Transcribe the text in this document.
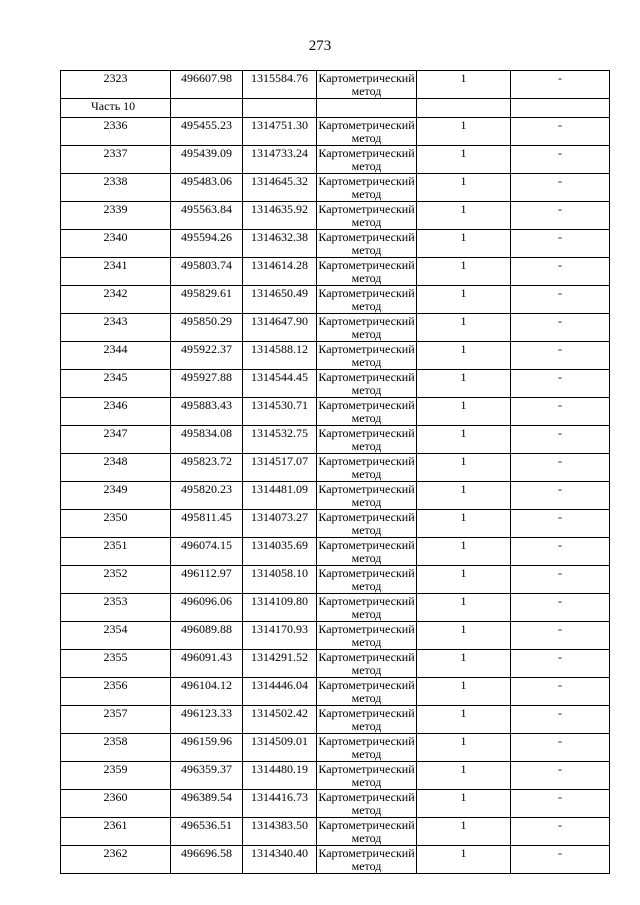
273
2323	496607.98	1315584.76	Картометрический метод	1	-
Часть 10					
2336	495455.23	1314751.30	Картометрический метод	1	-
2337	495439.09	1314733.24	Картометрический метод	1	-
2338	495483.06	1314645.32	Картометрический метод	1	-
2339	495563.84	1314635.92	Картометрический метод	1	-
2340	495594.26	1314632.38	Картометрический метод	1	-
2341	495803.74	1314614.28	Картометрический метод	1	-
2342	495829.61	1314650.49	Картометрический метод	1	-
2343	495850.29	1314647.90	Картометрический метод	1	-
2344	495922.37	1314588.12	Картометрический метод	1	-
2345	495927.88	1314544.45	Картометрический метод	1	-
2346	495883.43	1314530.71	Картометрический метод	1	-
2347	495834.08	1314532.75	Картометрический метод	1	-
2348	495823.72	1314517.07	Картометрический метод	1	-
2349	495820.23	1314481.09	Картометрический метод	1	-
2350	495811.45	1314073.27	Картометрический метод	1	-
2351	496074.15	1314035.69	Картометрический метод	1	-
2352	496112.97	1314058.10	Картометрический метод	1	-
2353	496096.06	1314109.80	Картометрический метод	1	-
2354	496089.88	1314170.93	Картометрический метод	1	-
2355	496091.43	1314291.52	Картометрический метод	1	-
2356	496104.12	1314446.04	Картометрический метод	1	-
2357	496123.33	1314502.42	Картометрический метод	1	-
2358	496159.96	1314509.01	Картометрический метод	1	-
2359	496359.37	1314480.19	Картометрический метод	1	-
2360	496389.54	1314416.73	Картометрический метод	1	-
2361	496536.51	1314383.50	Картометрический метод	1	-
2362	496696.58	1314340.40	Картометрический метод	1	-
